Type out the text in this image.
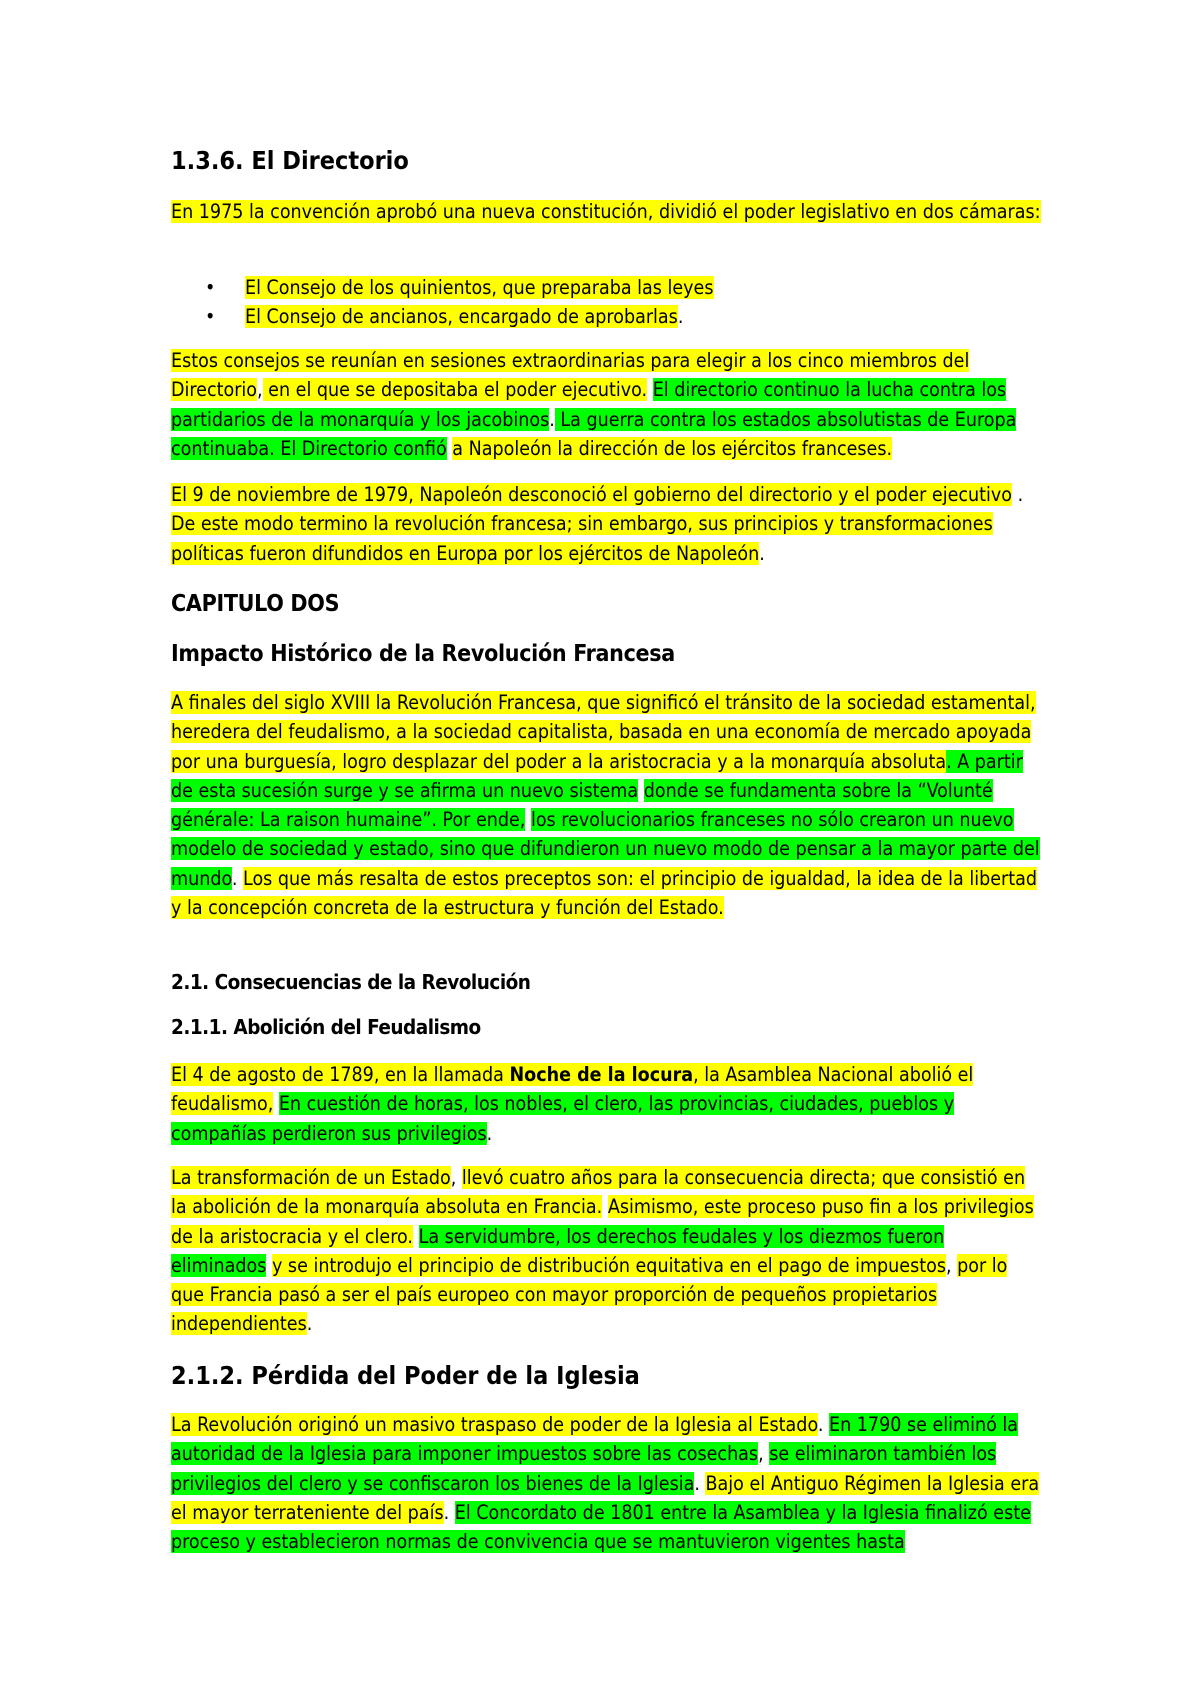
1.3.6. El Directorio

En 1975 la convención aprobó una nueva constitución, dividió el poder legislativo en dos cámaras:

• El Consejo de los quinientos, que preparaba las leyes
• El Consejo de ancianos, encargado de aprobarlas.

Estos consejos se reunían en sesiones extraordinarias para elegir a los cinco miembros del Directorio, en el que se depositaba el poder ejecutivo. El directorio continuo la lucha contra los partidarios de la monarquía y los jacobinos. La guerra contra los estados absolutistas de Europa continuaba. El Directorio confió a Napoleón la dirección de los ejércitos franceses.

El 9 de noviembre de 1979, Napoleón desconoció el gobierno del directorio y el poder ejecutivo . De este modo termino la revolución francesa; sin embargo, sus principios y transformaciones políticas fueron difundidos en Europa por los ejércitos de Napoleón.

CAPITULO DOS
Impacto Histórico de la Revolución Francesa

A finales del siglo XVIII la Revolución Francesa, que significó el tránsito de la sociedad estamental, heredera del feudalismo, a la sociedad capitalista, basada en una economía de mercado apoyada por una burguesía, logro desplazar del poder a la aristocracia y a la monarquía absoluta. A partir de esta sucesión surge y se afirma un nuevo sistema donde se fundamenta sobre la “Volunté générale: La raison humaine”. Por ende, los revolucionarios franceses no sólo crearon un nuevo modelo de sociedad y estado, sino que difundieron un nuevo modo de pensar a la mayor parte del mundo. Los que más resalta de estos preceptos son: el principio de igualdad, la idea de la libertad y la concepción concreta de la estructura y función del Estado.

2.1. Consecuencias de la Revolución
2.1.1. Abolición del Feudalismo

El 4 de agosto de 1789, en la llamada Noche de la locura, la Asamblea Nacional abolió el feudalismo, En cuestión de horas, los nobles, el clero, las provincias, ciudades, pueblos y compañías perdieron sus privilegios.

La transformación de un Estado, llevó cuatro años para la consecuencia directa; que consistió en la abolición de la monarquía absoluta en Francia. Asimismo, este proceso puso fin a los privilegios de la aristocracia y el clero. La servidumbre, los derechos feudales y los diezmos fueron eliminados y se introdujo el principio de distribución equitativa en el pago de impuestos, por lo que Francia pasó a ser el país europeo con mayor proporción de pequeños propietarios independientes.

2.1.2. Pérdida del Poder de la Iglesia

La Revolución originó un masivo traspaso de poder de la Iglesia al Estado. En 1790 se eliminó la autoridad de la Iglesia para imponer impuestos sobre las cosechas, se eliminaron también los privilegios del clero y se confiscaron los bienes de la Iglesia. Bajo el Antiguo Régimen la Iglesia era el mayor terrateniente del país. El Concordato de 1801 entre la Asamblea y la Iglesia finalizó este proceso y establecieron normas de convivencia que se mantuvieron vigentes hasta
